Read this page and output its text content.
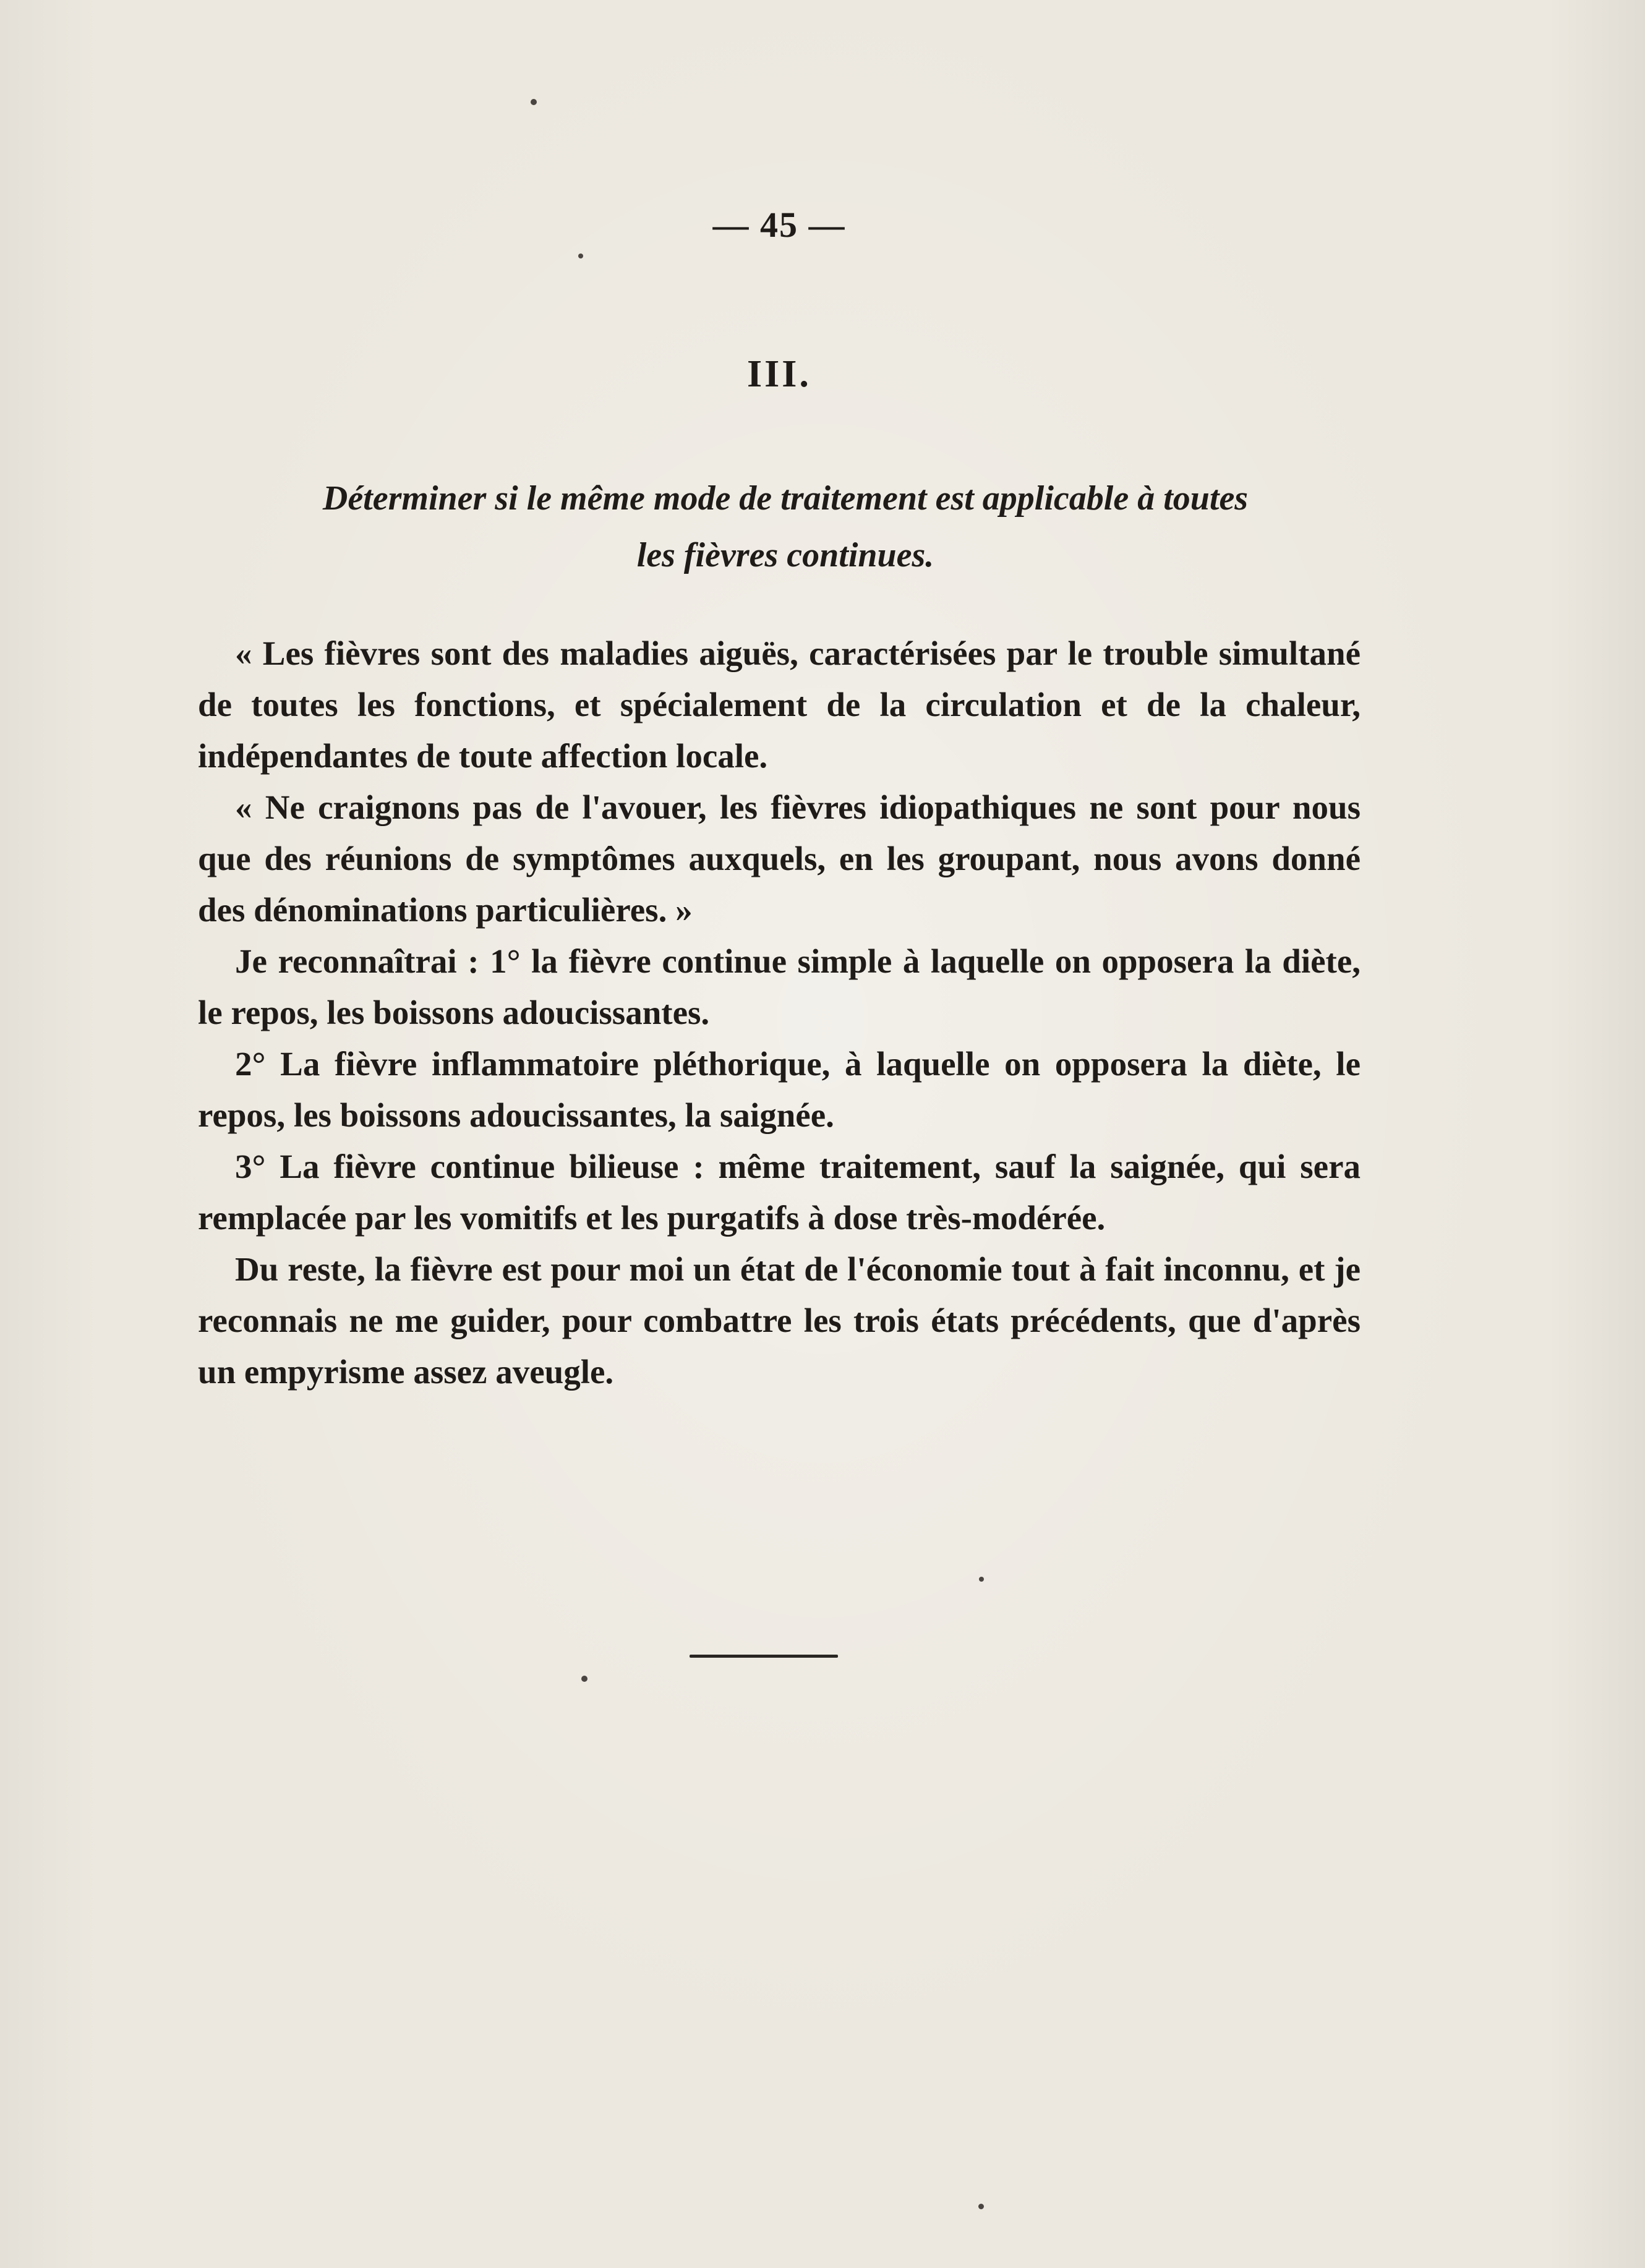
— 45 —
III.
Déterminer si le même mode de traitement est applicable à toutes
les fièvres continues.

« Les fièvres sont des maladies aiguës, caractérisées par le trouble simultané de toutes les fonctions, et spécialement de la circulation et de la chaleur, indépendantes de toute affection locale.

« Ne craignons pas de l'avouer, les fièvres idiopathiques ne sont pour nous que des réunions de symptômes auxquels, en les groupant, nous avons donné des dénominations particulières. »

Je reconnaîtrai : 1° la fièvre continue simple à laquelle on opposera la diète, le repos, les boissons adoucissantes.

2° La fièvre inflammatoire pléthorique, à laquelle on opposera la diète, le repos, les boissons adoucissantes, la saignée.

3° La fièvre continue bilieuse : même traitement, sauf la saignée, qui sera remplacée par les vomitifs et les purgatifs à dose très-modérée.

Du reste, la fièvre est pour moi un état de l'économie tout à fait inconnu, et je reconnais ne me guider, pour combattre les trois états précédents, que d'après un empyrisme assez aveugle.
